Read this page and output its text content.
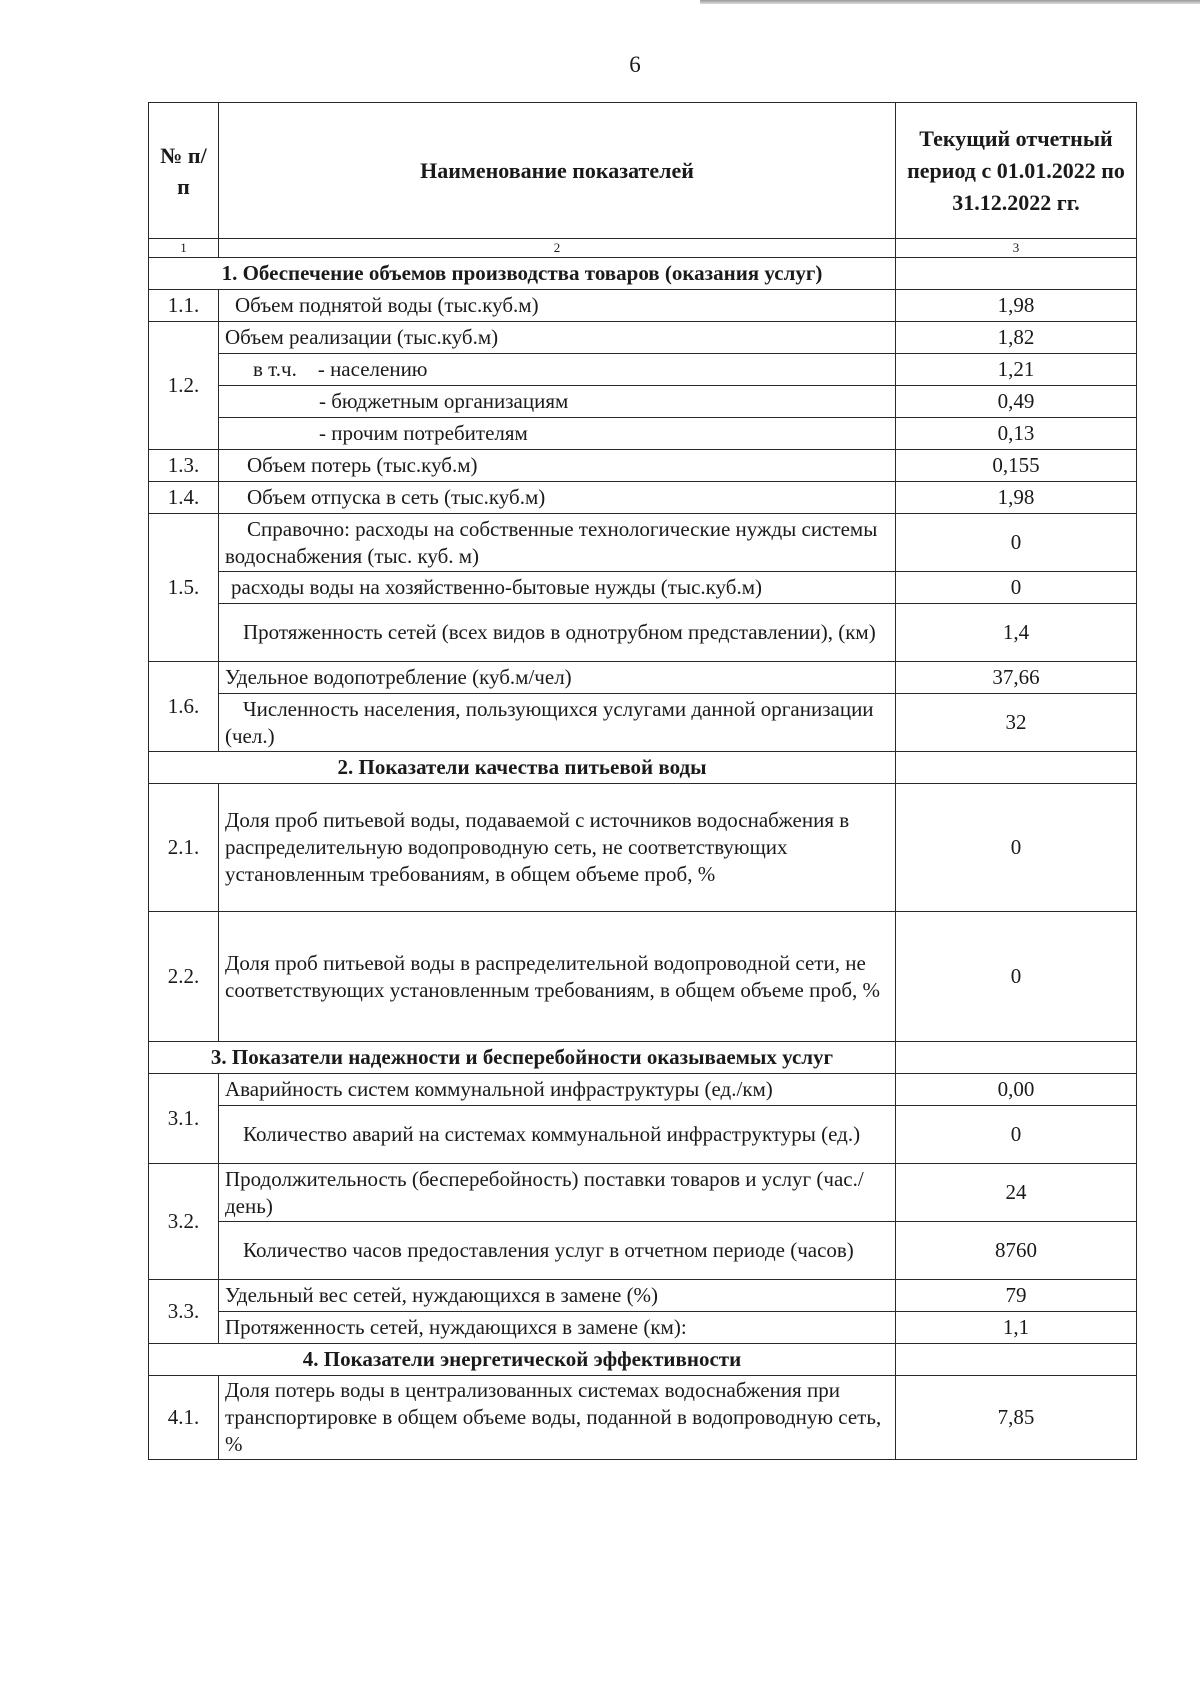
6
№ п/п	Наименование показателей	Текущий отчетный период с 01.01.2022 по 31.12.2022 гг.
1	2	3
1. Обеспечение объемов производства товаров (оказания услуг)		
1.1.	Объем поднятой воды (тыс.куб.м)	1,98
1.2.	Объем реализации (тыс.куб.м)	1,82
	в т.ч.    - населению	1,21
	- бюджетным организациям	0,49
	- прочим потребителям	0,13
1.3.	Объем потерь (тыс.куб.м)	0,155
1.4.	Объем отпуска в сеть (тыс.куб.м)	1,98
1.5.	Справочно: расходы на собственные технологические нужды системы водоснабжения (тыс. куб. м)	0
	расходы воды на хозяйственно-бытовые нужды (тыс.куб.м)	0
	Протяженность сетей (всех видов в однотрубном представлении), (км)	1,4
1.6.	Удельное водопотребление (куб.м/чел)	37,66
	Численность населения, пользующихся услугами данной организации (чел.)	32
2. Показатели качества питьевой воды		
2.1.	Доля проб питьевой воды, подаваемой с источников водоснабжения в распределительную водопроводную сеть, не соответствующих установленным требованиям, в общем объеме проб, %	0
2.2.	Доля проб питьевой воды в распределительной водопроводной сети, не соответствующих установленным требованиям, в общем объеме проб, %	0
3. Показатели надежности и бесперебойности оказываемых услуг		
3.1.	Аварийность систем коммунальной инфраструктуры (ед./км)	0,00
	Количество аварий на системах коммунальной инфраструктуры (ед.)	0
3.2.	Продолжительность (бесперебойность) поставки товаров и услуг (час./день)	24
	Количество часов предоставления услуг в отчетном периоде (часов)	8760
3.3.	Удельный вес сетей, нуждающихся в замене (%)	79
	Протяженность сетей, нуждающихся в замене (км):	1,1
4. Показатели энергетической эффективности		
4.1.	Доля потерь воды в централизованных системах водоснабжения при транспортировке в общем объеме воды, поданной в водопроводную сеть, %	7,85
